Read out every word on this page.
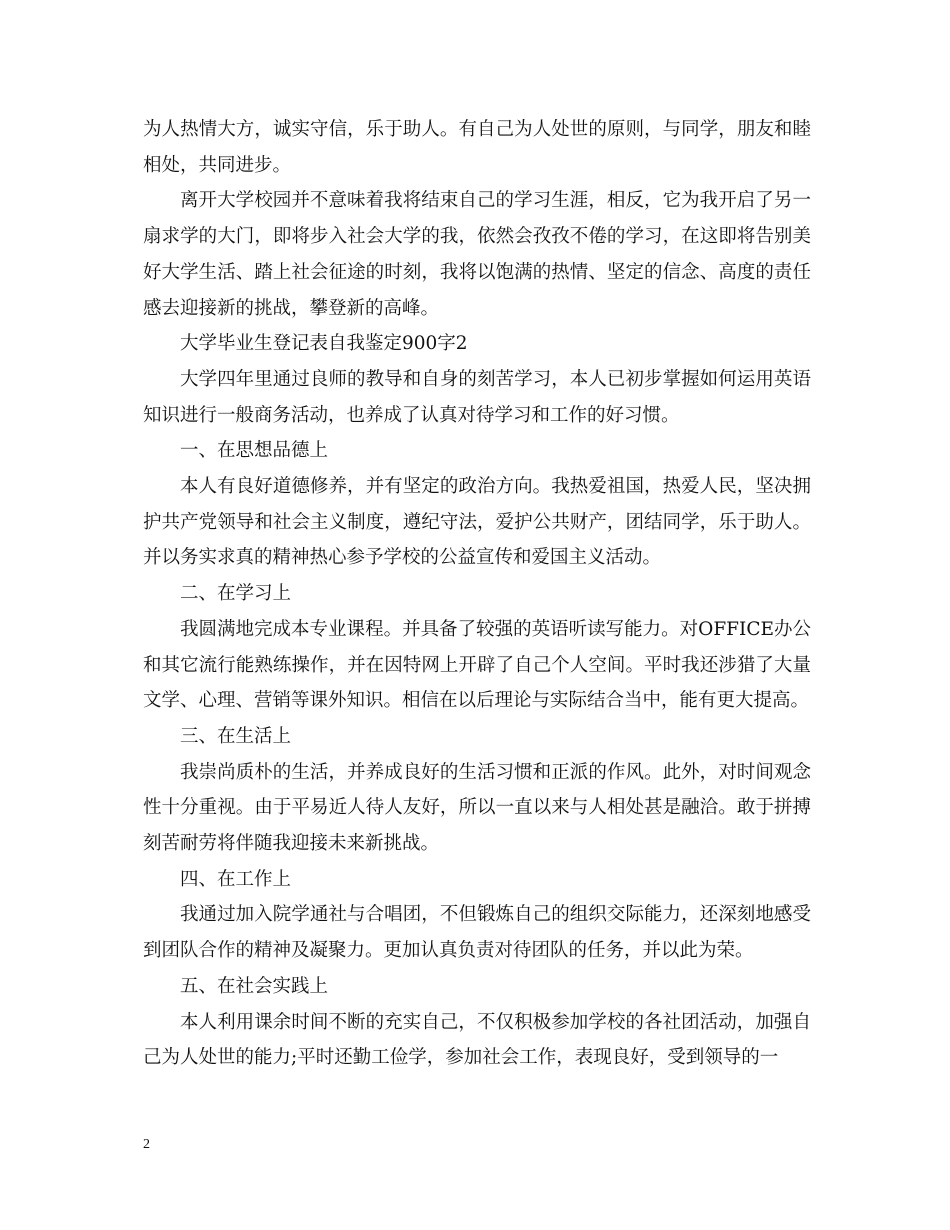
为人热情大方，诚实守信，乐于助人。有自己为人处世的原则，与同学，朋友和睦相处，共同进步。

离开大学校园并不意味着我将结束自己的学习生涯，相反，它为我开启了另一扇求学的大门，即将步入社会大学的我，依然会孜孜不倦的学习，在这即将告别美好大学生活、踏上社会征途的时刻，我将以饱满的热情、坚定的信念、高度的责任感去迎接新的挑战，攀登新的高峰。

大学毕业生登记表自我鉴定900字2

大学四年里通过良师的教导和自身的刻苦学习，本人已初步掌握如何运用英语知识进行一般商务活动，也养成了认真对待学习和工作的好习惯。

一、在思想品德上

本人有良好道德修养，并有坚定的政治方向。我热爱祖国，热爱人民，坚决拥护共产党领导和社会主义制度，遵纪守法，爱护公共财产，团结同学，乐于助人。并以务实求真的精神热心参予学校的公益宣传和爱国主义活动。

二、在学习上

我圆满地完成本专业课程。并具备了较强的英语听读写能力。对OFFICE办公和其它流行能熟练操作，并在因特网上开辟了自己个人空间。平时我还涉猎了大量文学、心理、营销等课外知识。相信在以后理论与实际结合当中，能有更大提高。

三、在生活上

我崇尚质朴的生活，并养成良好的生活习惯和正派的作风。此外，对时间观念性十分重视。由于平易近人待人友好，所以一直以来与人相处甚是融洽。敢于拼搏刻苦耐劳将伴随我迎接未来新挑战。

四、在工作上

我通过加入院学通社与合唱团，不但锻炼自己的组织交际能力，还深刻地感受到团队合作的精神及凝聚力。更加认真负责对待团队的任务，并以此为荣。

五、在社会实践上

本人利用课余时间不断的充实自己，不仅积极参加学校的各社团活动，加强自己为人处世的能力;平时还勤工俭学，参加社会工作，表现良好，受到领导的一

2
